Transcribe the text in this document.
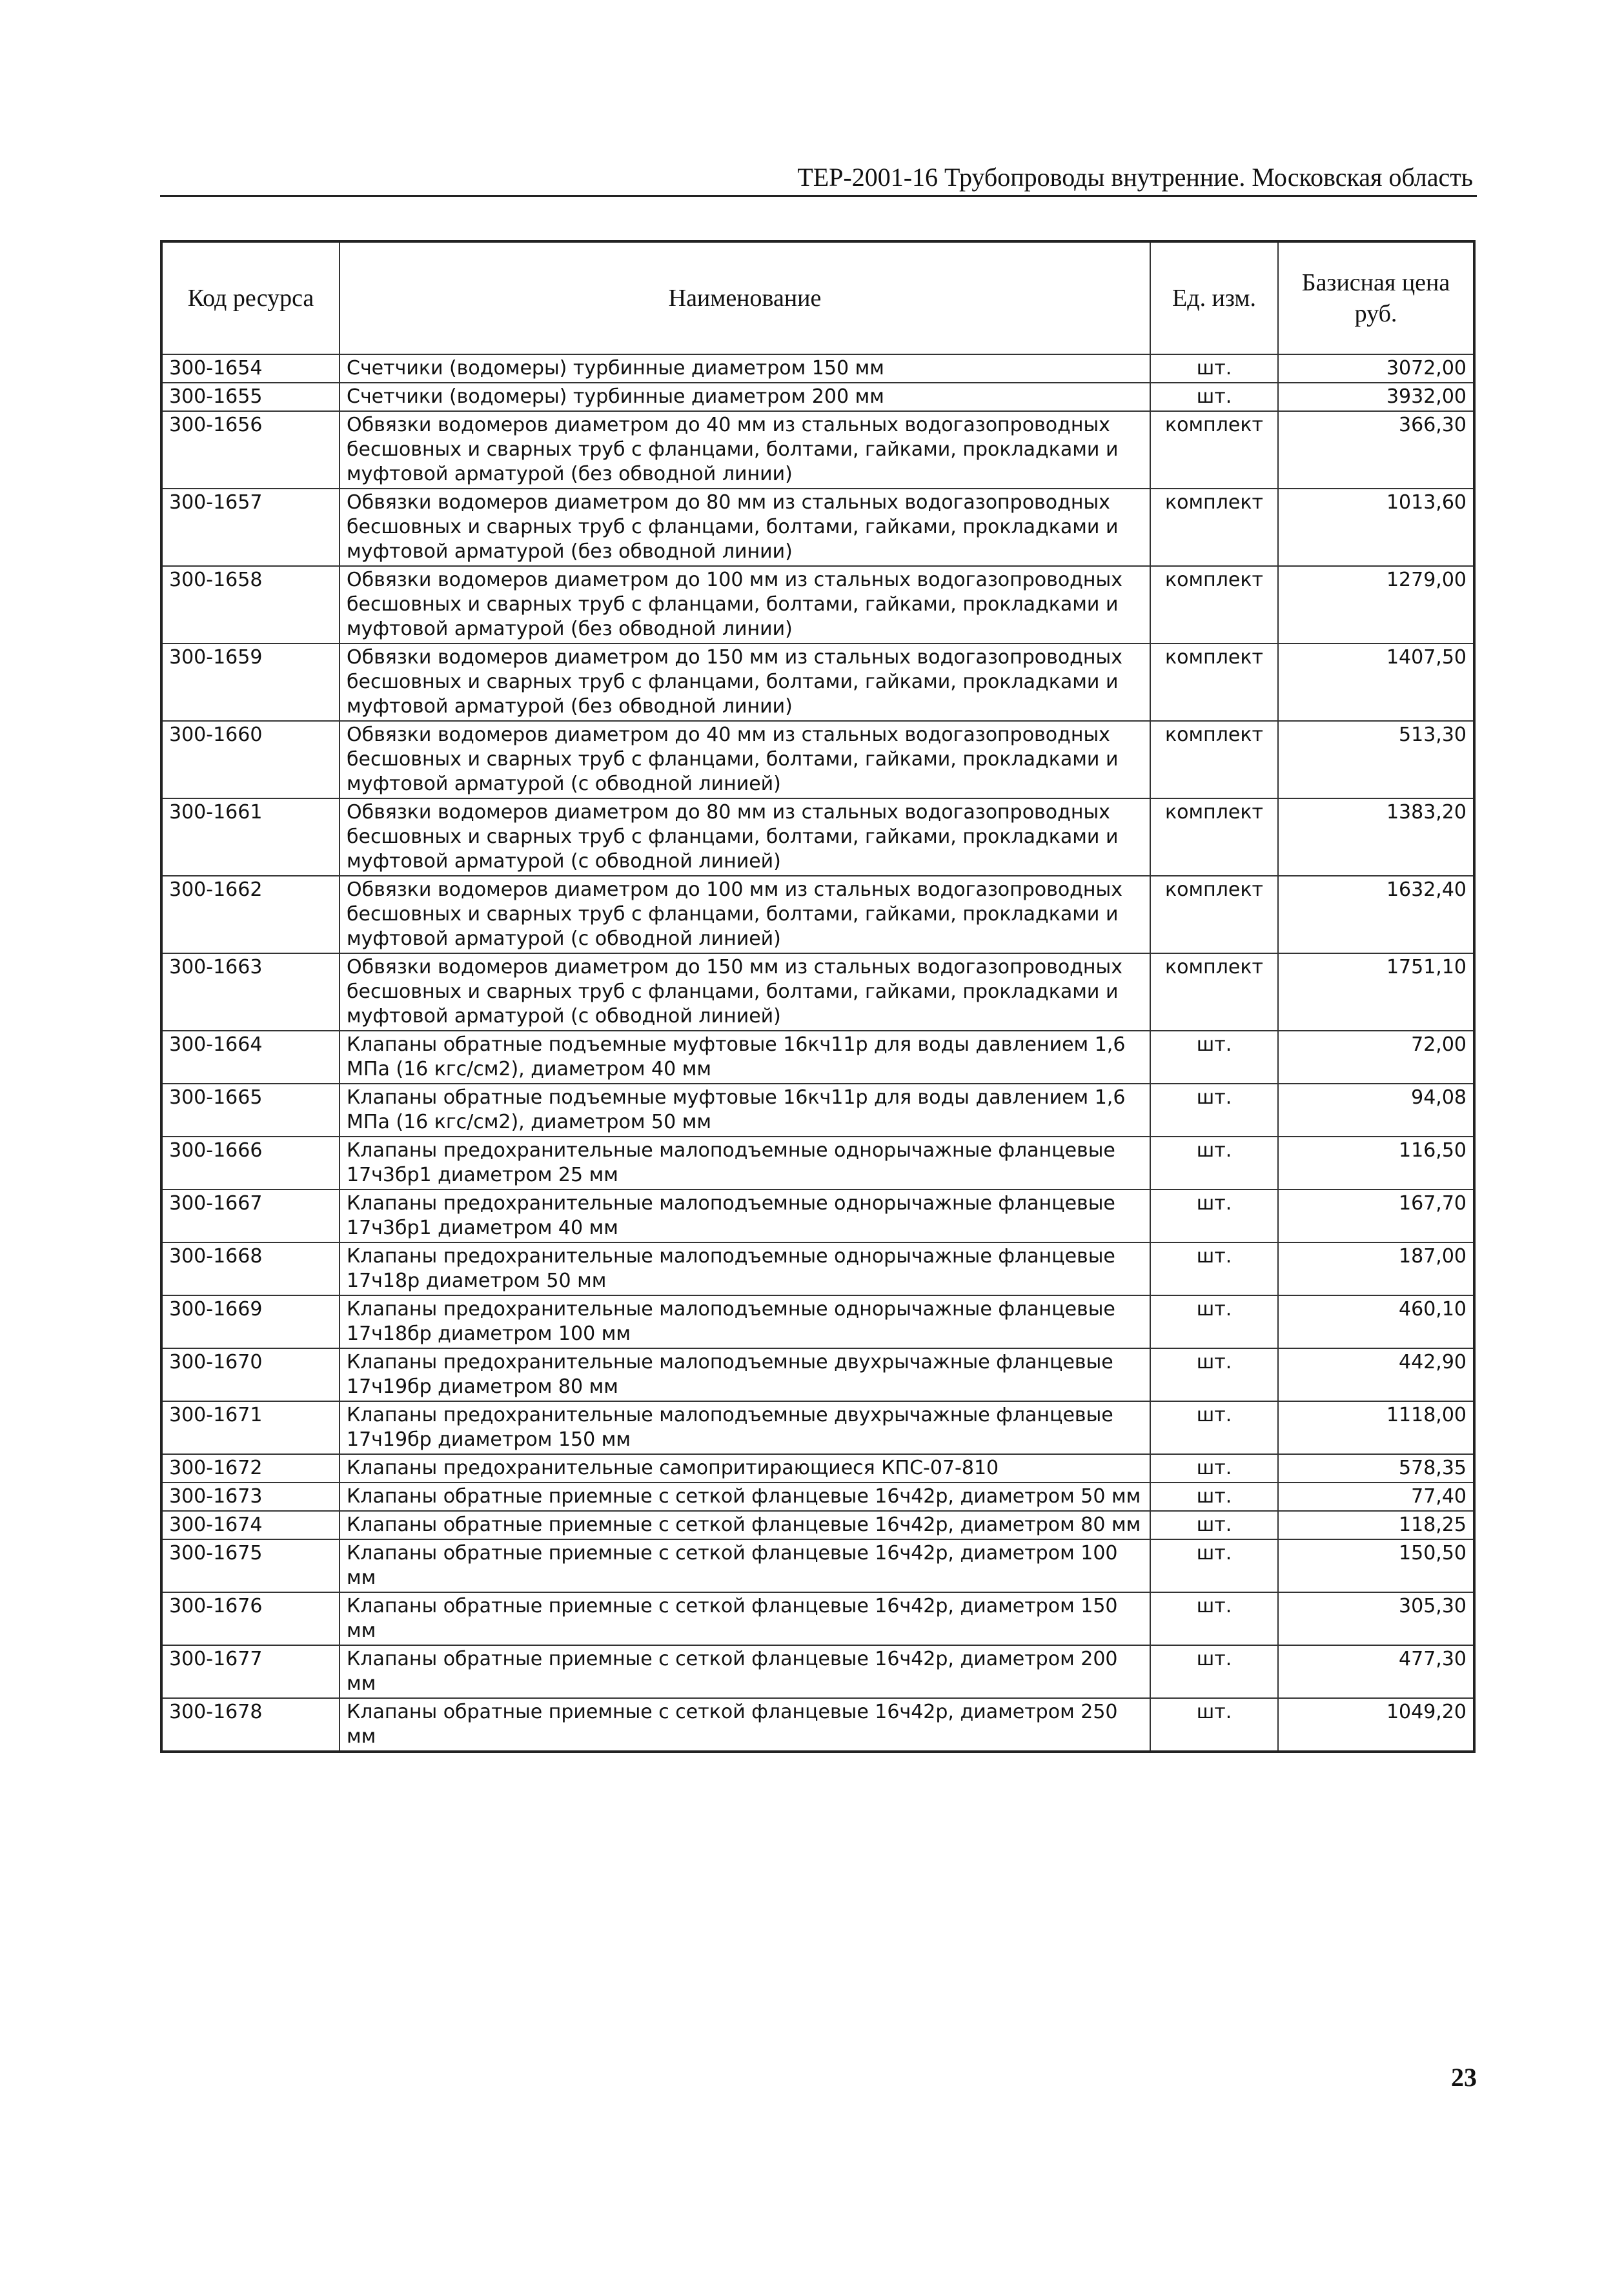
ТЕР-2001-16 Трубопроводы внутренние. Московская область
Код ресурса	Наименование	Ед. изм.	Базисная цена руб.
300-1654	Счетчики (водомеры) турбинные диаметром 150 мм	шт.	3072,00
300-1655	Счетчики (водомеры) турбинные диаметром 200 мм	шт.	3932,00
300-1656	Обвязки водомеров диаметром до 40 мм из стальных водогазопроводных бесшовных и сварных труб с фланцами, болтами, гайками, прокладками и муфтовой арматурой (без обводной линии)	комплект	366,30
300-1657	Обвязки водомеров диаметром до 80 мм из стальных водогазопроводных бесшовных и сварных труб с фланцами, болтами, гайками, прокладками и муфтовой арматурой (без обводной линии)	комплект	1013,60
300-1658	Обвязки водомеров диаметром до 100 мм из стальных водогазопроводных бесшовных и сварных труб с фланцами, болтами, гайками, прокладками и муфтовой арматурой (без обводной линии)	комплект	1279,00
300-1659	Обвязки водомеров диаметром до 150 мм из стальных водогазопроводных бесшовных и сварных труб с фланцами, болтами, гайками, прокладками и муфтовой арматурой (без обводной линии)	комплект	1407,50
300-1660	Обвязки водомеров диаметром до 40 мм из стальных водогазопроводных бесшовных и сварных труб с фланцами, болтами, гайками, прокладками и муфтовой арматурой (с обводной линией)	комплект	513,30
300-1661	Обвязки водомеров диаметром до 80 мм из стальных водогазопроводных бесшовных и сварных труб с фланцами, болтами, гайками, прокладками и муфтовой арматурой (с обводной линией)	комплект	1383,20
300-1662	Обвязки водомеров диаметром до 100 мм из стальных водогазопроводных бесшовных и сварных труб с фланцами, болтами, гайками, прокладками и муфтовой арматурой (с обводной линией)	комплект	1632,40
300-1663	Обвязки водомеров диаметром до 150 мм из стальных водогазопроводных бесшовных и сварных труб с фланцами, болтами, гайками, прокладками и муфтовой арматурой (с обводной линией)	комплект	1751,10
300-1664	Клапаны обратные подъемные муфтовые 16кч11р для воды давлением 1,6 МПа (16 кгс/см2), диаметром 40 мм	шт.	72,00
300-1665	Клапаны обратные подъемные муфтовые 16кч11р для воды давлением 1,6 МПа (16 кгс/см2), диаметром 50 мм	шт.	94,08
300-1666	Клапаны предохранительные малоподъемные однорычажные фланцевые 17ч3бр1 диаметром 25 мм	шт.	116,50
300-1667	Клапаны предохранительные малоподъемные однорычажные фланцевые 17ч3бр1 диаметром 40 мм	шт.	167,70
300-1668	Клапаны предохранительные малоподъемные однорычажные фланцевые 17ч18р диаметром 50 мм	шт.	187,00
300-1669	Клапаны предохранительные малоподъемные однорычажные фланцевые 17ч18бр диаметром 100 мм	шт.	460,10
300-1670	Клапаны предохранительные малоподъемные двухрычажные фланцевые 17ч19бр диаметром 80 мм	шт.	442,90
300-1671	Клапаны предохранительные малоподъемные двухрычажные фланцевые 17ч19бр диаметром 150 мм	шт.	1118,00
300-1672	Клапаны предохранительные самопритирающиеся КПС-07-810	шт.	578,35
300-1673	Клапаны обратные приемные с сеткой фланцевые 16ч42р, диаметром 50 мм	шт.	77,40
300-1674	Клапаны обратные приемные с сеткой фланцевые 16ч42р, диаметром 80 мм	шт.	118,25
300-1675	Клапаны обратные приемные с сеткой фланцевые 16ч42р, диаметром 100 мм	шт.	150,50
300-1676	Клапаны обратные приемные с сеткой фланцевые 16ч42р, диаметром 150 мм	шт.	305,30
300-1677	Клапаны обратные приемные с сеткой фланцевые 16ч42р, диаметром 200 мм	шт.	477,30
300-1678	Клапаны обратные приемные с сеткой фланцевые 16ч42р, диаметром 250 мм	шт.	1049,20
23
